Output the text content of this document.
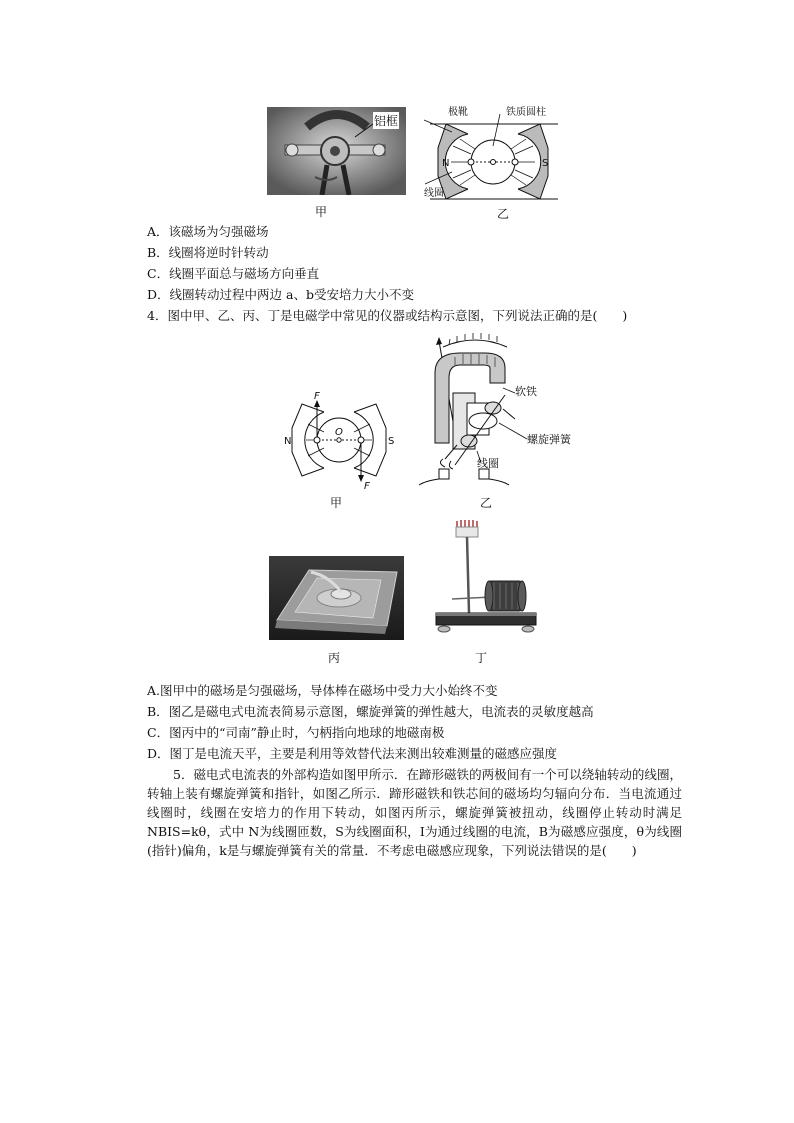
铝框
甲
极靴	铁质圆柱
线圈
N	S
乙
A．该磁场为匀强磁场
B．线圈将逆时针转动
C．线圈平面总与磁场方向垂直
D．线圈转动过程中两边 a、b受安培力大小不变
4．图中甲、乙、丙、丁是电磁学中常见的仪器或结构示意图，下列说法正确的是(　　)
F
F
O
N	S
甲
软铁
螺旋弹簧
线圈
乙
丙	丁
A.图甲中的磁场是匀强磁场，导体棒在磁场中受力大小始终不变
B．图乙是磁电式电流表简易示意图，螺旋弹簧的弹性越大，电流表的灵敏度越高
C．图丙中的“司南”静止时，勺柄指向地球的地磁南极
D．图丁是电流天平，主要是利用等效替代法来测出较难测量的磁感应强度
5．磁电式电流表的外部构造如图甲所示．在蹄形磁铁的两极间有一个可以绕轴转动的线圈，转轴上装有螺旋弹簧和指针，如图乙所示．蹄形磁铁和铁芯间的磁场均匀辐向分布．当电流通过线圈时，线圈在安培力的作用下转动，如图丙所示，螺旋弹簧被扭动，线圈停止转动时满足 NBIS=kθ，式中 N为线圈匝数，S为线圈面积，I为通过线圈的电流，B为磁感应强度，θ为线圈(指针)偏角，k是与螺旋弹簧有关的常量．不考虑电磁感应现象，下列说法错误的是(　　)
